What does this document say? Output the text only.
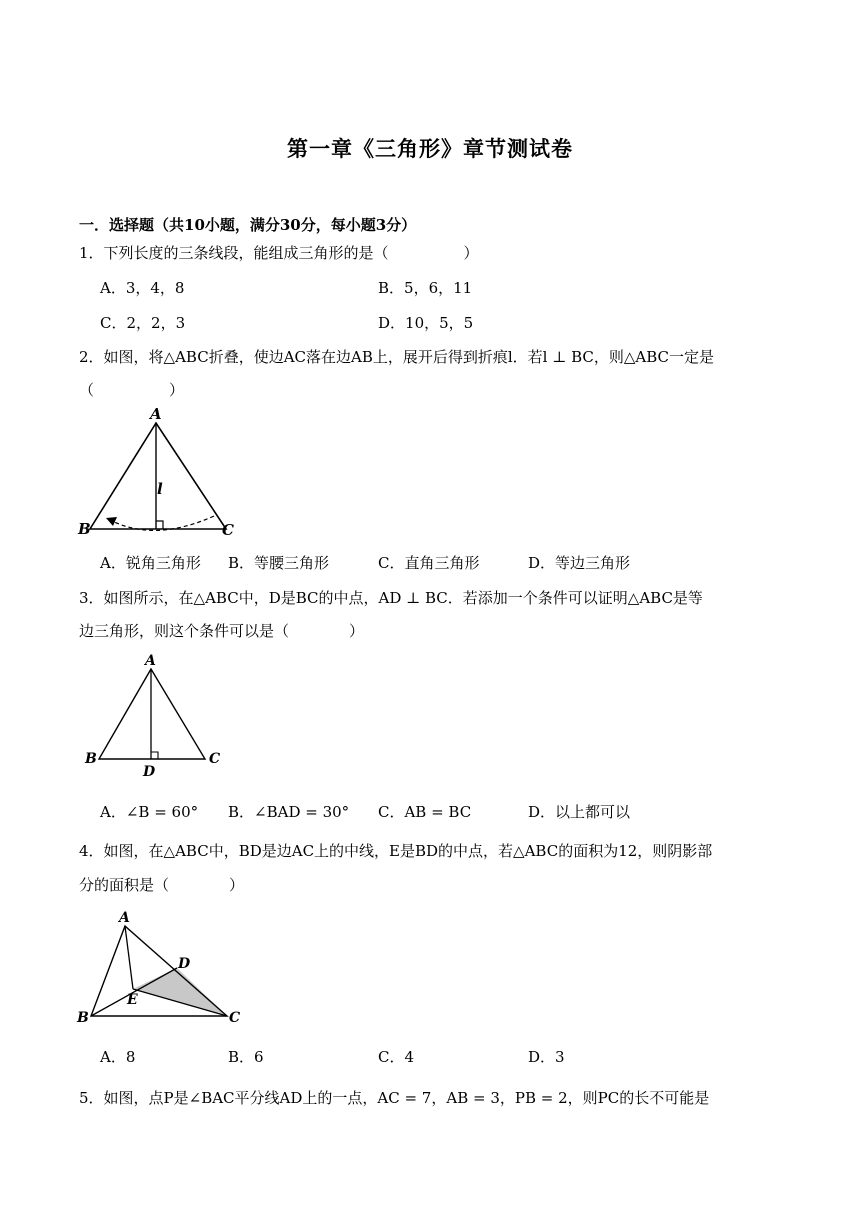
第一章《三角形》章节测试卷
一．选择题（共10小题，满分30分，每小题3分）
1．下列长度的三条线段，能组成三角形的是（　　　　　）
A．3，4，8	B．5，6，11
C．2，2，3	D．10，5，5
2．如图，将△ABC折叠，使边AC落在边AB上，展开后得到折痕l．若l ⊥ BC，则△ABC一定是
（　　　　　）
A
B	C
l
A．锐角三角形 B．等腰三角形	C．直角三角形	D．等边三角形
3．如图所示，在△ABC中，D是BC的中点，AD ⊥ BC．若添加一个条件可以证明△ABC是等
边三角形，则这个条件可以是（　　　　）
A
B	C
D
A．∠B = 60° B．∠BAD = 30° C．AB = BC	D．以上都可以
4．如图，在△ABC中，BD是边AC上的中线，E是BD的中点，若△ABC的面积为12，则阴影部
分的面积是（　　　　）
A
B	C
D
E
A．8	B．6	C．4	D．3
5．如图，点P是∠BAC平分线AD上的一点，AC = 7，AB = 3，PB = 2，则PC的长不可能是
